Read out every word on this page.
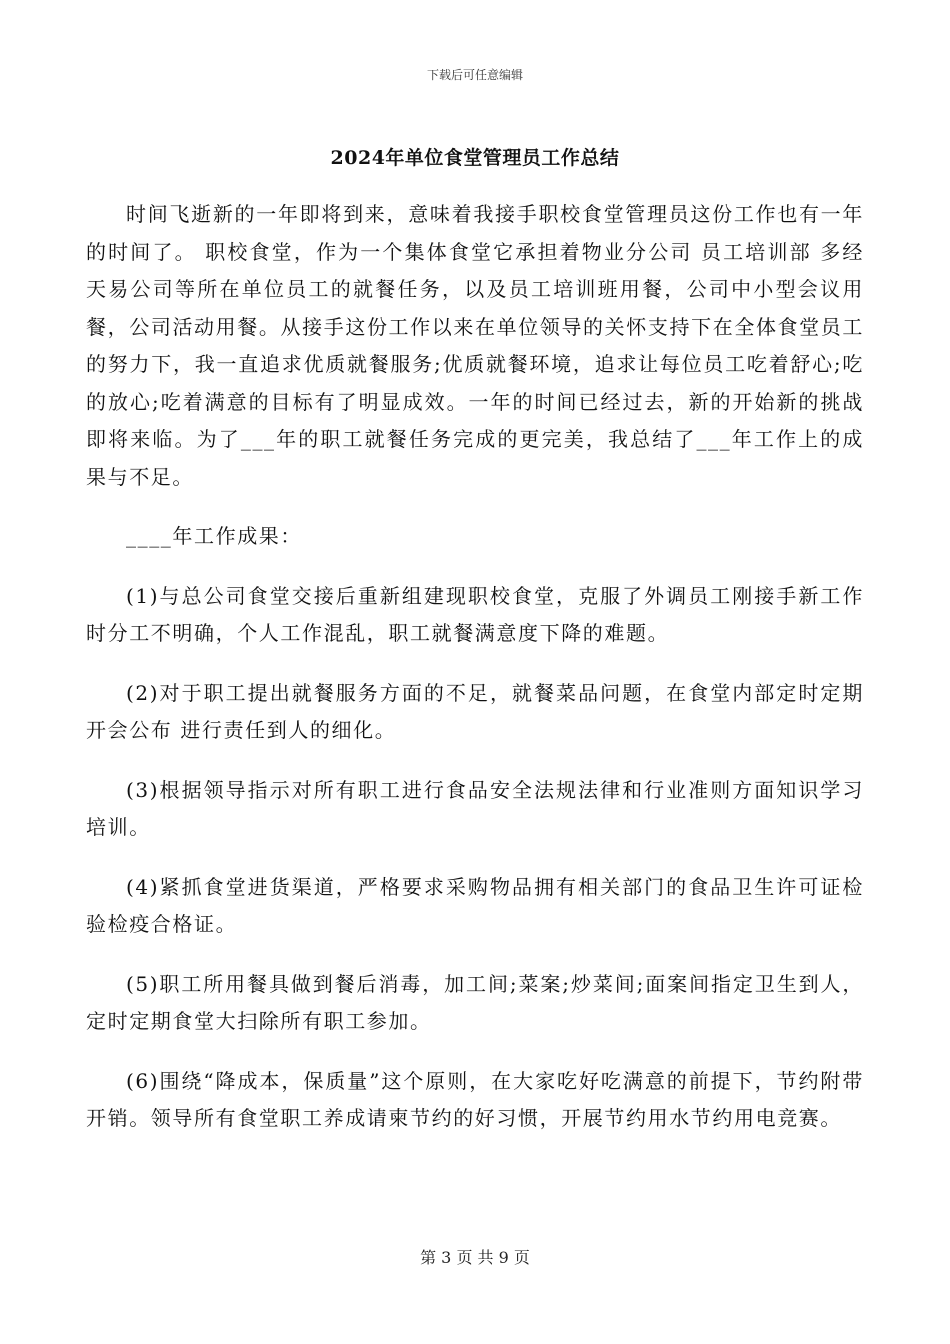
下载后可任意编辑
2024年单位食堂管理员工作总结

时间飞逝新的一年即将到来，意味着我接手职校食堂管理员这份工作也有一年的时间了。 职校食堂，作为一个集体食堂它承担着物业分公司 员工培训部 多经 天易公司等所在单位员工的就餐任务，以及员工培训班用餐，公司中小型会议用餐，公司活动用餐。从接手这份工作以来在单位领导的关怀支持下在全体食堂员工的努力下，我一直追求优质就餐服务;优质就餐环境，追求让每位员工吃着舒心;吃的放心;吃着满意的目标有了明显成效。一年的时间已经过去，新的开始新的挑战即将来临。为了___年的职工就餐任务完成的更完美，我总结了___年工作上的成果与不足。

____年工作成果：

(1)与总公司食堂交接后重新组建现职校食堂，克服了外调员工刚接手新工作时分工不明确，个人工作混乱，职工就餐满意度下降的难题。

(2)对于职工提出就餐服务方面的不足，就餐菜品问题，在食堂内部定时定期开会公布 进行责任到人的细化。

(3)根据领导指示对所有职工进行食品安全法规法律和行业准则方面知识学习培训。

(4)紧抓食堂进货渠道，严格要求采购物品拥有相关部门的食品卫生许可证检验检疫合格证。

(5)职工所用餐具做到餐后消毒，加工间;菜案;炒菜间;面案间指定卫生到人，定时定期食堂大扫除所有职工参加。

(6)围绕“降成本，保质量”这个原则，在大家吃好吃满意的前提下，节约附带开销。领导所有食堂职工养成请柬节约的好习惯，开展节约用水节约用电竞赛。

第 3 页 共 9 页
